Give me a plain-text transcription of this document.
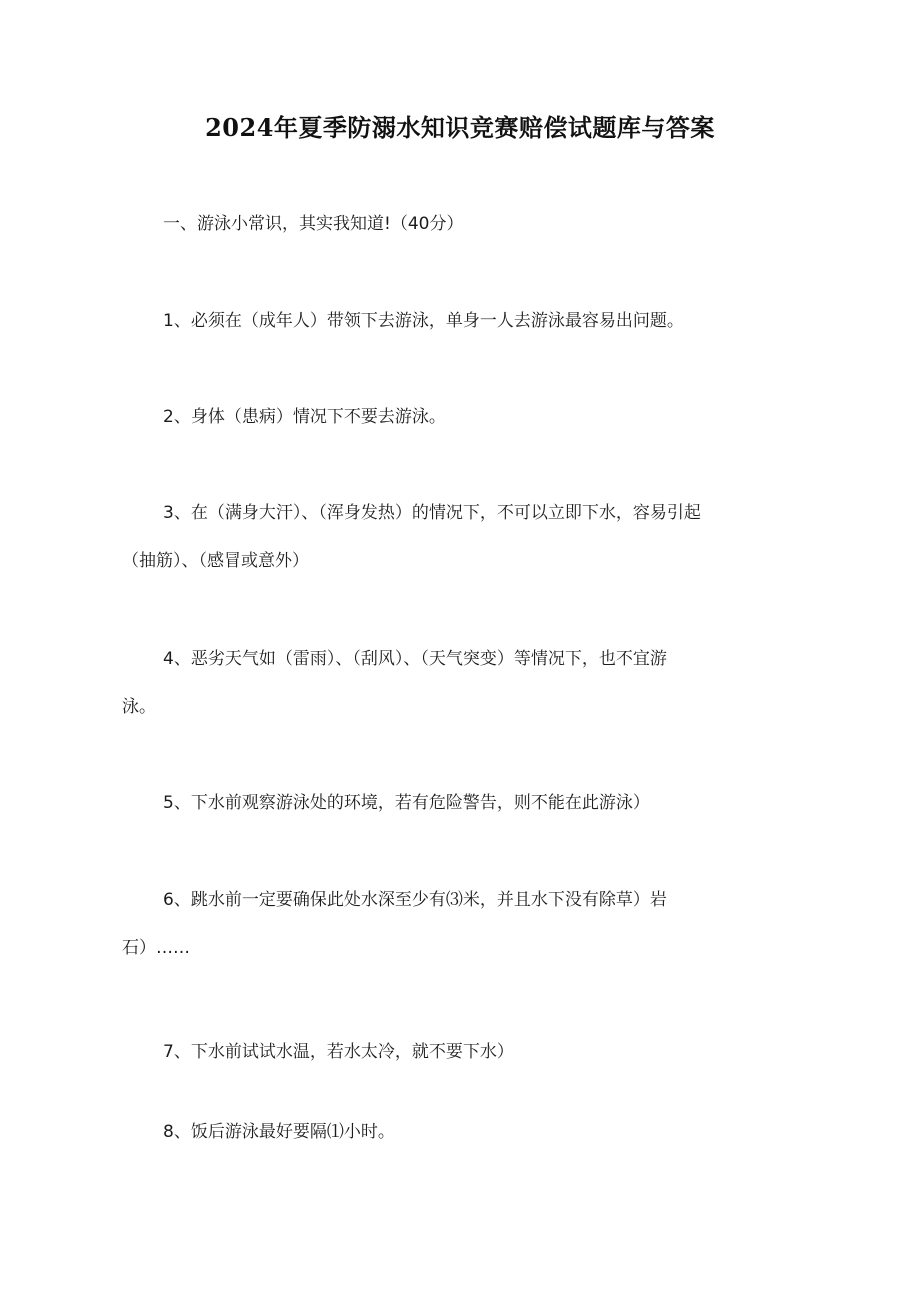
2024年夏季防溺水知识竞赛赔偿试题库与答案
一、游泳小常识，其实我知道!（40分）
1、必须在（成年人）带领下去游泳，单身一人去游泳最容易出问题。
2、身体（患病）情况下不要去游泳。
3、在（满身大汗）、（浑身发热）的情况下，不可以立即下水，容易引起
（抽筋）、（感冒或意外）
4、恶劣天气如（雷雨）、（刮风）、（天气突变）等情况下，也不宜游
泳。
5、下水前观察游泳处的环境，若有危险警告，则不能在此游泳）
6、跳水前一定要确保此处水深至少有⑶米，并且水下没有除草）岩
石）……
7、下水前试试水温，若水太冷，就不要下水）
8、饭后游泳最好要隔⑴小时。
